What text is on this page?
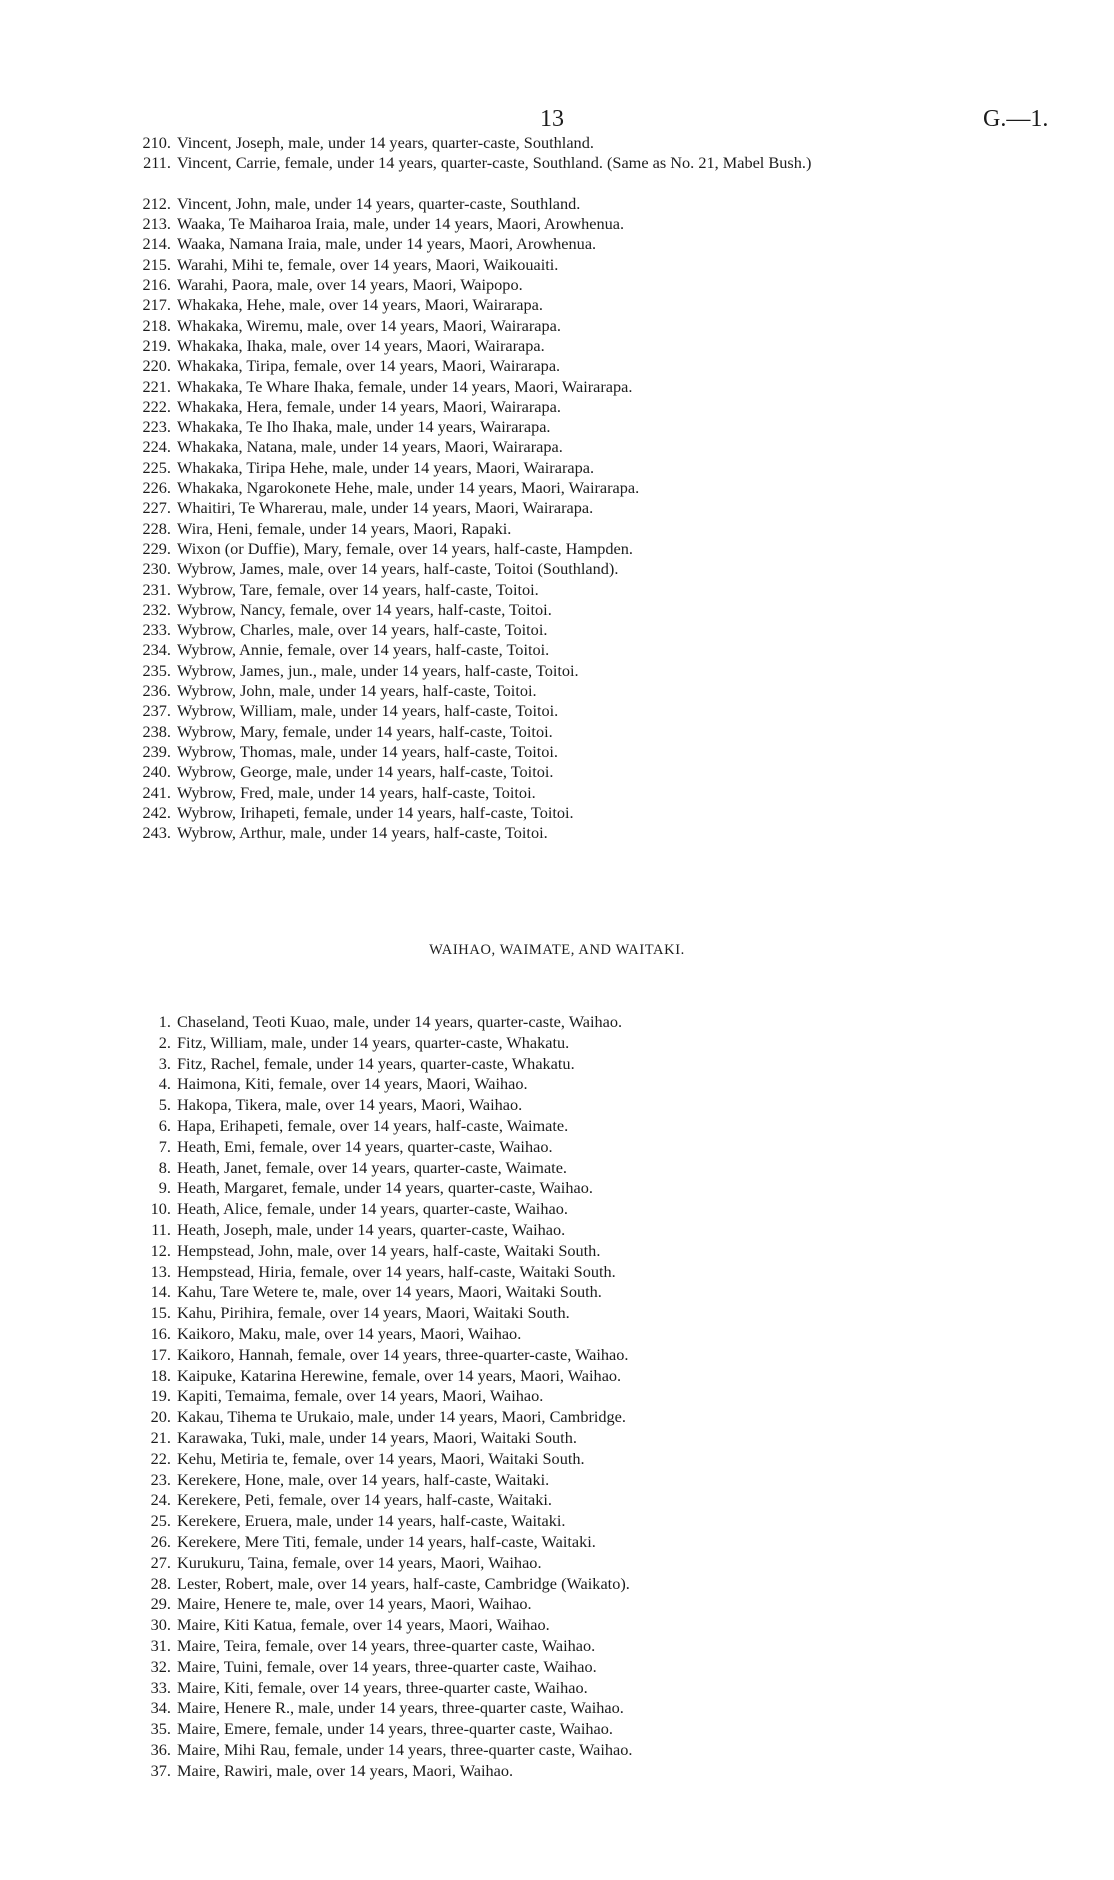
13	G.—1.

210. Vincent, Joseph, male, under 14 years, quarter-caste, Southland.
211. Vincent, Carrie, female, under 14 years, quarter-caste, Southland. (Same as No. 21, Mabel Bush.)
212. Vincent, John, male, under 14 years, quarter-caste, Southland.
213. Waaka, Te Maiharoa Iraia, male, under 14 years, Maori, Arowhenua.
214. Waaka, Namana Iraia, male, under 14 years, Maori, Arowhenua.
215. Warahi, Mihi te, female, over 14 years, Maori, Waikouaiti.
216. Warahi, Paora, male, over 14 years, Maori, Waipopo.
217. Whakaka, Hehe, male, over 14 years, Maori, Wairarapa.
218. Whakaka, Wiremu, male, over 14 years, Maori, Wairarapa.
219. Whakaka, Ihaka, male, over 14 years, Maori, Wairarapa.
220. Whakaka, Tiripa, female, over 14 years, Maori, Wairarapa.
221. Whakaka, Te Whare Ihaka, female, under 14 years, Maori, Wairarapa.
222. Whakaka, Hera, female, under 14 years, Maori, Wairarapa.
223. Whakaka, Te Iho Ihaka, male, under 14 years, Wairarapa.
224. Whakaka, Natana, male, under 14 years, Maori, Wairarapa.
225. Whakaka, Tiripa Hehe, male, under 14 years, Maori, Wairarapa.
226. Whakaka, Ngarokonete Hehe, male, under 14 years, Maori, Wairarapa.
227. Whaitiri, Te Wharerau, male, under 14 years, Maori, Wairarapa.
228. Wira, Heni, female, under 14 years, Maori, Rapaki.
229. Wixon (or Duffie), Mary, female, over 14 years, half-caste, Hampden.
230. Wybrow, James, male, over 14 years, half-caste, Toitoi (Southland).
231. Wybrow, Tare, female, over 14 years, half-caste, Toitoi.
232. Wybrow, Nancy, female, over 14 years, half-caste, Toitoi.
233. Wybrow, Charles, male, over 14 years, half-caste, Toitoi.
234. Wybrow, Annie, female, over 14 years, half-caste, Toitoi.
235. Wybrow, James, jun., male, under 14 years, half-caste, Toitoi.
236. Wybrow, John, male, under 14 years, half-caste, Toitoi.
237. Wybrow, William, male, under 14 years, half-caste, Toitoi.
238. Wybrow, Mary, female, under 14 years, half-caste, Toitoi.
239. Wybrow, Thomas, male, under 14 years, half-caste, Toitoi.
240. Wybrow, George, male, under 14 years, half-caste, Toitoi.
241. Wybrow, Fred, male, under 14 years, half-caste, Toitoi.
242. Wybrow, Irihapeti, female, under 14 years, half-caste, Toitoi.
243. Wybrow, Arthur, male, under 14 years, half-caste, Toitoi.
WAIHAO, WAIMATE, AND WAITAKI.
1. Chaseland, Teoti Kuao, male, under 14 years, quarter-caste, Waihao.
2. Fitz, William, male, under 14 years, quarter-caste, Whakatu.
3. Fitz, Rachel, female, under 14 years, quarter-caste, Whakatu.
4. Haimona, Kiti, female, over 14 years, Maori, Waihao.
5. Hakopa, Tikera, male, over 14 years, Maori, Waihao.
6. Hapa, Erihapeti, female, over 14 years, half-caste, Waimate.
7. Heath, Emi, female, over 14 years, quarter-caste, Waihao.
8. Heath, Janet, female, over 14 years, quarter-caste, Waimate.
9. Heath, Margaret, female, under 14 years, quarter-caste, Waihao.
10. Heath, Alice, female, under 14 years, quarter-caste, Waihao.
11. Heath, Joseph, male, under 14 years, quarter-caste, Waihao.
12. Hempstead, John, male, over 14 years, half-caste, Waitaki South.
13. Hempstead, Hiria, female, over 14 years, half-caste, Waitaki South.
14. Kahu, Tare Wetere te, male, over 14 years, Maori, Waitaki South.
15. Kahu, Pirihira, female, over 14 years, Maori, Waitaki South.
16. Kaikoro, Maku, male, over 14 years, Maori, Waihao.
17. Kaikoro, Hannah, female, over 14 years, three-quarter-caste, Waihao.
18. Kaipuke, Katarina Herewine, female, over 14 years, Maori, Waihao.
19. Kapiti, Temaima, female, over 14 years, Maori, Waihao.
20. Kakau, Tihema te Urukaio, male, under 14 years, Maori, Cambridge.
21. Karawaka, Tuki, male, under 14 years, Maori, Waitaki South.
22. Kehu, Metiria te, female, over 14 years, Maori, Waitaki South.
23. Kerekere, Hone, male, over 14 years, half-caste, Waitaki.
24. Kerekere, Peti, female, over 14 years, half-caste, Waitaki.
25. Kerekere, Eruera, male, under 14 years, half-caste, Waitaki.
26. Kerekere, Mere Titi, female, under 14 years, half-caste, Waitaki.
27. Kurukuru, Taina, female, over 14 years, Maori, Waihao.
28. Lester, Robert, male, over 14 years, half-caste, Cambridge (Waikato).
29. Maire, Henere te, male, over 14 years, Maori, Waihao.
30. Maire, Kiti Katua, female, over 14 years, Maori, Waihao.
31. Maire, Teira, female, over 14 years, three-quarter caste, Waihao.
32. Maire, Tuini, female, over 14 years, three-quarter caste, Waihao.
33. Maire, Kiti, female, over 14 years, three-quarter caste, Waihao.
34. Maire, Henere R., male, under 14 years, three-quarter caste, Waihao.
35. Maire, Emere, female, under 14 years, three-quarter caste, Waihao.
36. Maire, Mihi Rau, female, under 14 years, three-quarter caste, Waihao.
37. Maire, Rawiri, male, over 14 years, Maori, Waihao.
